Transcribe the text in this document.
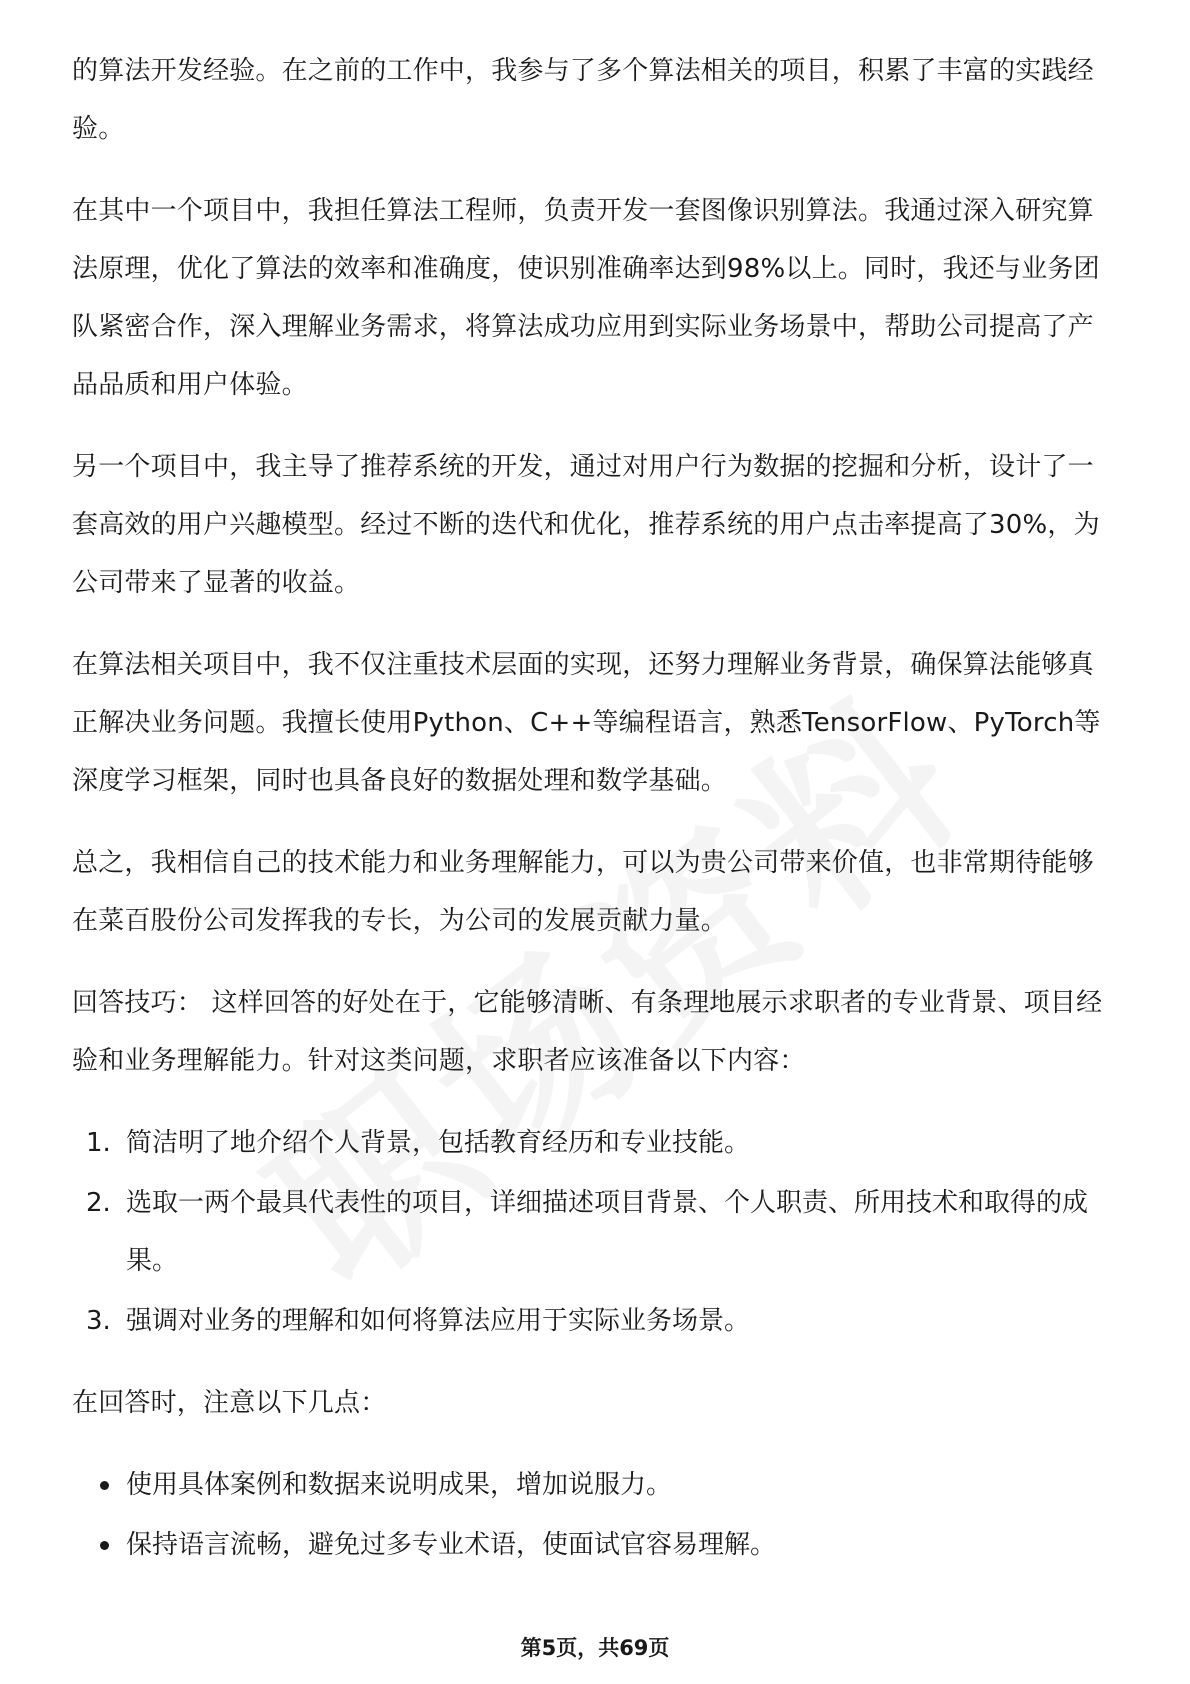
的算法开发经验。在之前的工作中，我参与了多个算法相关的项目，积累了丰富的实践经验。

在其中一个项目中，我担任算法工程师，负责开发一套图像识别算法。我通过深入研究算法原理，优化了算法的效率和准确度，使识别准确率达到98%以上。同时，我还与业务团队紧密合作，深入理解业务需求，将算法成功应用到实际业务场景中，帮助公司提高了产品品质和用户体验。

另一个项目中，我主导了推荐系统的开发，通过对用户行为数据的挖掘和分析，设计了一套高效的用户兴趣模型。经过不断的迭代和优化，推荐系统的用户点击率提高了30%，为公司带来了显著的收益。

在算法相关项目中，我不仅注重技术层面的实现，还努力理解业务背景，确保算法能够真正解决业务问题。我擅长使用Python、C++等编程语言，熟悉TensorFlow、PyTorch等深度学习框架，同时也具备良好的数据处理和数学基础。

总之，我相信自己的技术能力和业务理解能力，可以为贵公司带来价值，也非常期待能够在菜百股份公司发挥我的专长，为公司的发展贡献力量。

回答技巧： 这样回答的好处在于，它能够清晰、有条理地展示求职者的专业背景、项目经验和业务理解能力。针对这类问题，求职者应该准备以下内容：

1. 简洁明了地介绍个人背景，包括教育经历和专业技能。
2. 选取一两个最具代表性的项目，详细描述项目背景、个人职责、所用技术和取得的成果。
3. 强调对业务的理解和如何将算法应用于实际业务场景。

在回答时，注意以下几点：

使用具体案例和数据来说明成果，增加说服力。
保持语言流畅，避免过多专业术语，使面试官容易理解。
第5页，共69页
